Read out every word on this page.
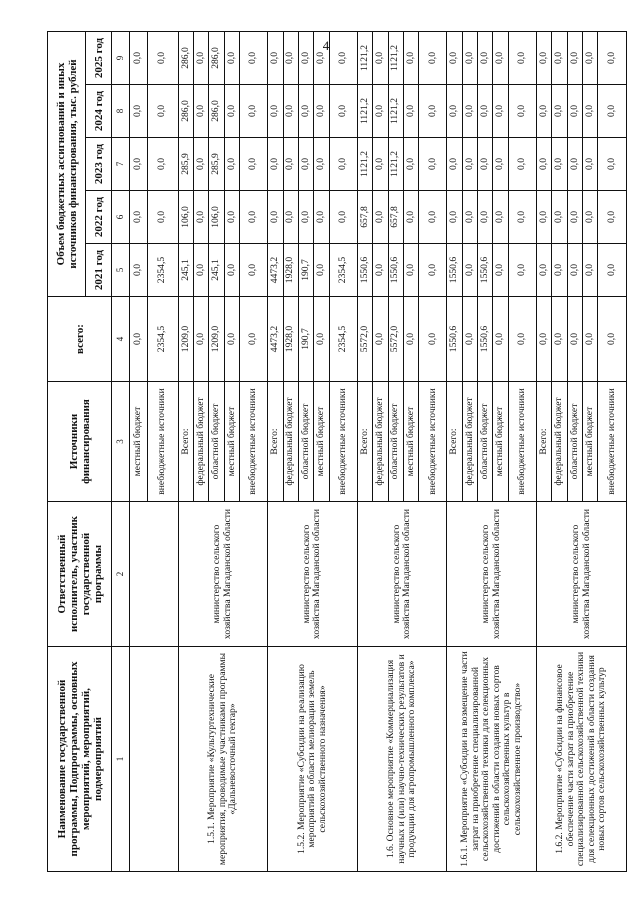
4
Наименование государственной программы, Подпрограммы, основных мероприятий, мероприятий, подмероприятий	Ответственный исполнитель, участник государственной программы	Источники финансирования	всего:	Объем бюджетных ассигнований и иных источников финансирования, тыс. рублей				
				2021 год	2022 год	2023 год	2024 год	2025 год
1	2	3	4	5	6	7	8	9
		местный бюджет	0,0	0,0	0,0	0,0	0,0	0,0
		внебюджетные источники	2354,5	2354,5	0,0	0,0	0,0	0,0
1.5.1. Мероприятие «Культуртехнические мероприятия, проводимые участниками программы «Дальневосточный гектар»	министерство сельского хозяйства Магаданской области	Всего:	1209,0	245,1	106,0	285,9	286,0	286,0
		федеральный бюджет	0,0	0,0	0,0	0,0	0,0	0,0
		областной бюджет	1209,0	245,1	106,0	285,9	286,0	286,0
		местный бюджет	0,0	0,0	0,0	0,0	0,0	0,0
		внебюджетные источники	0,0	0,0	0,0	0,0	0,0	0,0
1.5.2. Мероприятие «Субсидии на реализацию мероприятий в области мелиорации земель сельскохозяйственного назначения»	министерство сельского хозяйства Магаданской области	Всего:	4473,2	4473,2	0,0	0,0	0,0	0,0
		федеральный бюджет	1928,0	1928,0	0,0	0,0	0,0	0,0
		областной бюджет	190,7	190,7	0,0	0,0	0,0	0,0
		местный бюджет	0,0	0,0	0,0	0,0	0,0	0,0
		внебюджетные источники	2354,5	2354,5	0,0	0,0	0,0	0,0
1.6. Основное мероприятие «Коммерциализация научных и (или) научно-технических результатов и продукции для агропромышленного комплекса»	министерство сельского хозяйства Магаданской области	Всего:	5572,0	1550,6	657,8	1121,2	1121,2	1121,2
		федеральный бюджет	0,0	0,0	0,0	0,0	0,0	0,0
		областной бюджет	5572,0	1550,6	657,8	1121,2	1121,2	1121,2
		местный бюджет	0,0	0,0	0,0	0,0	0,0	0,0
		внебюджетные источники	0,0	0,0	0,0	0,0	0,0	0,0
1.6.1. Мероприятие «Субсидии на возмещение части затрат на приобретение специализированной сельскохозяйственной техники для селекционных достижений в области создания новых сортов сельскохозяйственных культур в сельскохозяйственное производство»	министерство сельского хозяйства Магаданской области	Всего:	1550,6	1550,6	0,0	0,0	0,0	0,0
		федеральный бюджет	0,0	0,0	0,0	0,0	0,0	0,0
		областной бюджет	1550,6	1550,6	0,0	0,0	0,0	0,0
		местный бюджет	0,0	0,0	0,0	0,0	0,0	0,0
		внебюджетные источники	0,0	0,0	0,0	0,0	0,0	0,0
1.6.2. Мероприятие «Субсидии на финансовое обеспечение части затрат на приобретение специализированной сельскохозяйственной техники для селекционных достижений в области создания новых сортов сельскохозяйственных культур	министерство сельского хозяйства Магаданской области	Всего:	0,0	0,0	0,0	0,0	0,0	0,0
		федеральный бюджет	0,0	0,0	0,0	0,0	0,0	0,0
		областной бюджет	0,0	0,0	0,0	0,0	0,0	0,0
		местный бюджет	0,0	0,0	0,0	0,0	0,0	0,0
		внебюджетные источники	0,0	0,0	0,0	0,0	0,0	0,0
